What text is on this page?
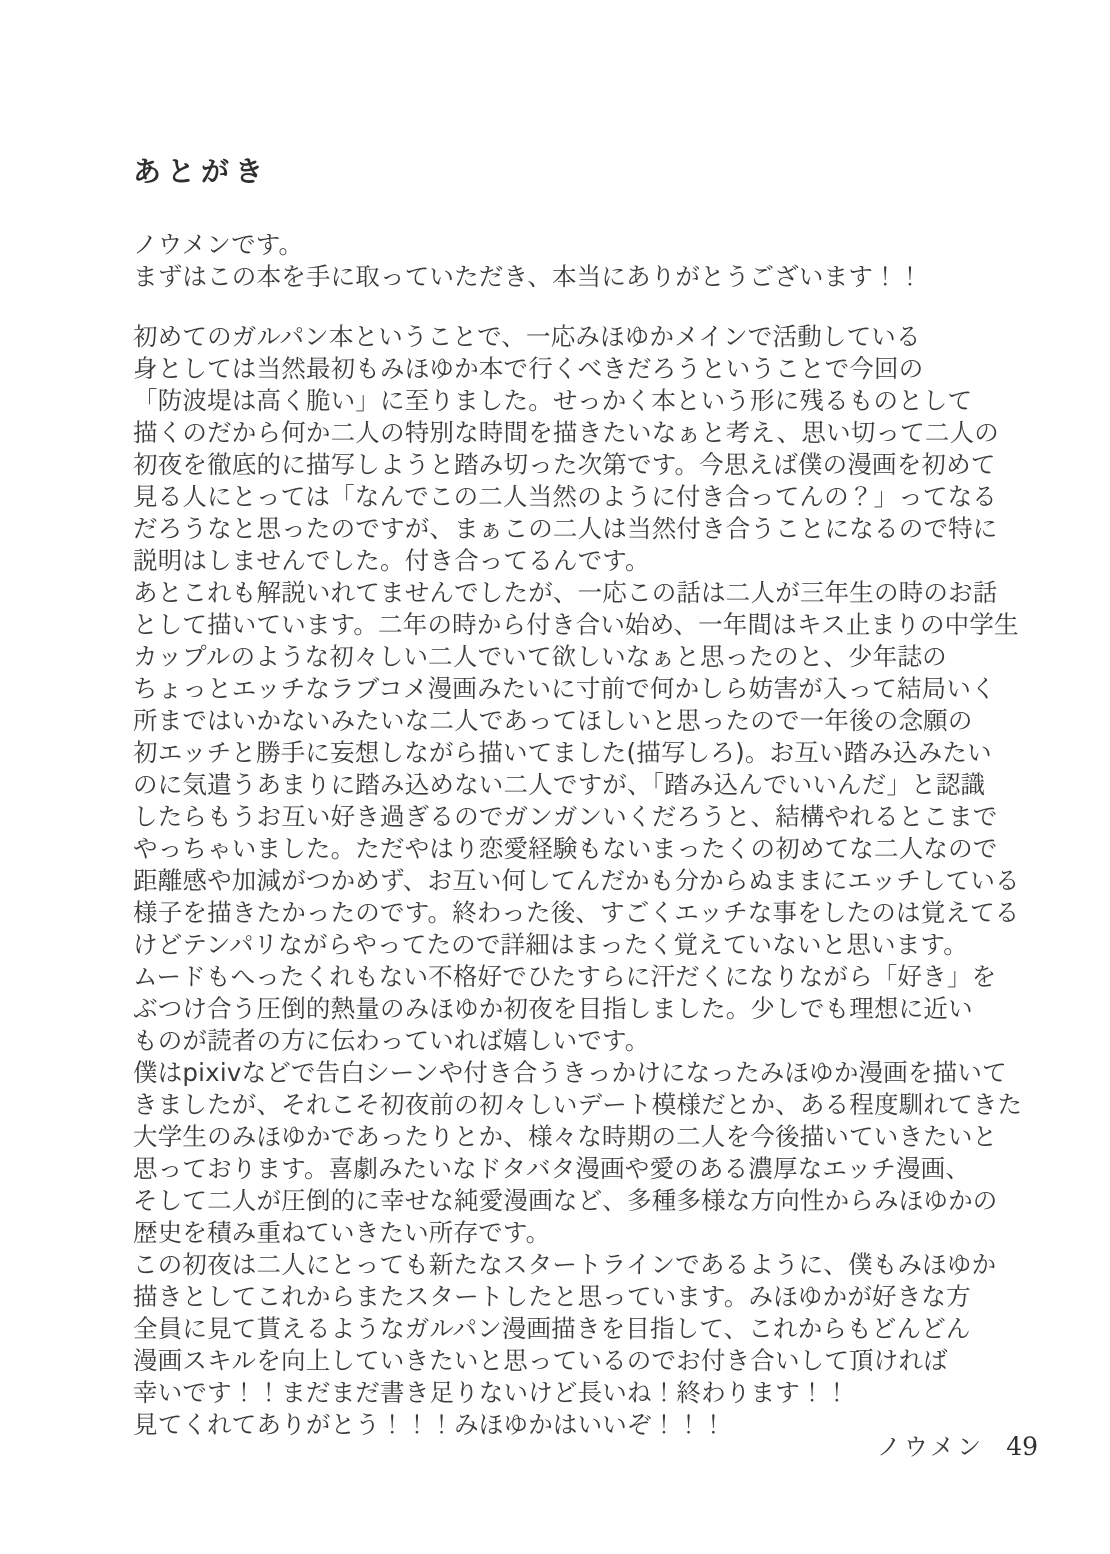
あとがき
ノウメンです。
まずはこの本を手に取っていただき、本当にありがとうございます！！
初めてのガルパン本ということで、一応みほゆかメインで活動している
身としては当然最初もみほゆか本で行くべきだろうということで今回の
「防波堤は高く脆い」に至りました。せっかく本という形に残るものとして
描くのだから何か二人の特別な時間を描きたいなぁと考え、思い切って二人の
初夜を徹底的に描写しようと踏み切った次第です。今思えば僕の漫画を初めて
見る人にとっては「なんでこの二人当然のように付き合ってんの？」ってなる
だろうなと思ったのですが、まぁこの二人は当然付き合うことになるので特に
説明はしませんでした。付き合ってるんです。
あとこれも解説いれてませんでしたが、一応この話は二人が三年生の時のお話
として描いています。二年の時から付き合い始め、一年間はキス止まりの中学生
カップルのような初々しい二人でいて欲しいなぁと思ったのと、少年誌の
ちょっとエッチなラブコメ漫画みたいに寸前で何かしら妨害が入って結局いく
所まではいかないみたいな二人であってほしいと思ったので一年後の念願の
初エッチと勝手に妄想しながら描いてました(描写しろ)。お互い踏み込みたい
のに気遣うあまりに踏み込めない二人ですが、「踏み込んでいいんだ」と認識
したらもうお互い好き過ぎるのでガンガンいくだろうと、結構やれるとこまで
やっちゃいました。ただやはり恋愛経験もないまったくの初めてな二人なので
距離感や加減がつかめず、お互い何してんだかも分からぬままにエッチしている
様子を描きたかったのです。終わった後、すごくエッチな事をしたのは覚えてる
けどテンパリながらやってたので詳細はまったく覚えていないと思います。
ムードもへったくれもない不格好でひたすらに汗だくになりながら「好き」を
ぶつけ合う圧倒的熱量のみほゆか初夜を目指しました。少しでも理想に近い
ものが読者の方に伝わっていれば嬉しいです。
僕はpixivなどで告白シーンや付き合うきっかけになったみほゆか漫画を描いて
きましたが、それこそ初夜前の初々しいデート模様だとか、ある程度馴れてきた
大学生のみほゆかであったりとか、様々な時期の二人を今後描いていきたいと
思っております。喜劇みたいなドタバタ漫画や愛のある濃厚なエッチ漫画、
そして二人が圧倒的に幸せな純愛漫画など、多種多様な方向性からみほゆかの
歴史を積み重ねていきたい所存です。
この初夜は二人にとっても新たなスタートラインであるように、僕もみほゆか
描きとしてこれからまたスタートしたと思っています。みほゆかが好きな方
全員に見て貰えるようなガルパン漫画描きを目指して、これからもどんどん
漫画スキルを向上していきたいと思っているのでお付き合いして頂ければ
幸いです！！まだまだ書き足りないけど長いね！終わります！！
見てくれてありがとう！！！みほゆかはいいぞ！！！
ノウメン 49
